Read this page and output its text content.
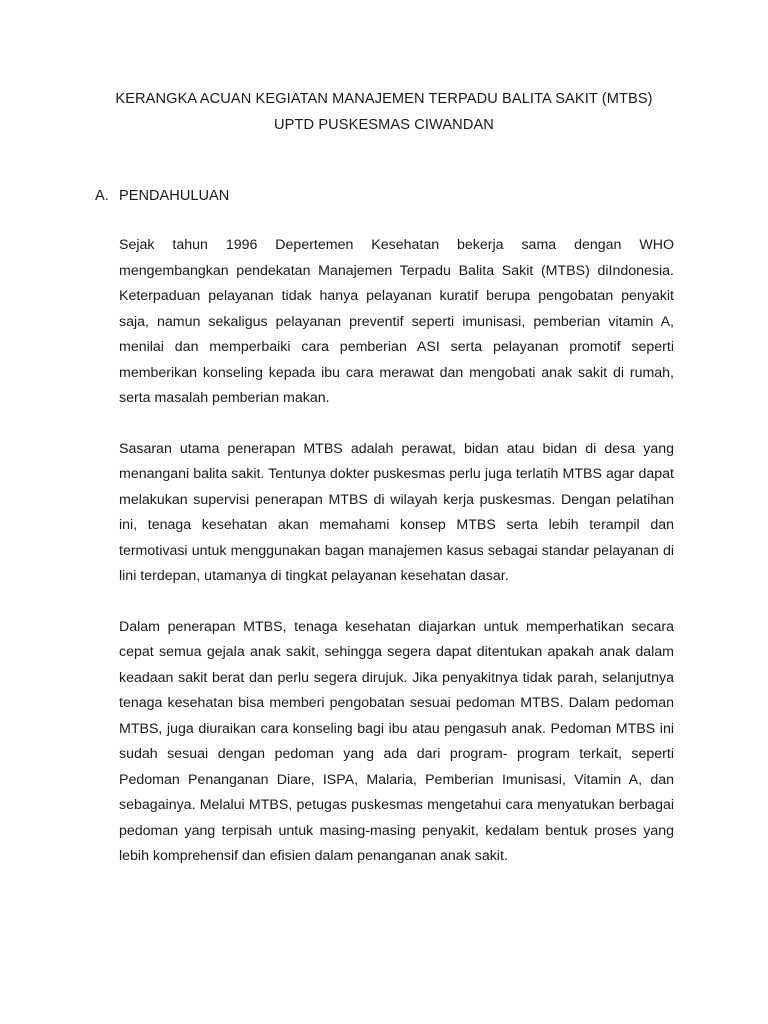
KERANGKA ACUAN KEGIATAN MANAJEMEN TERPADU BALITA SAKIT (MTBS)
UPTD PUSKESMAS CIWANDAN
A. PENDAHULUAN

Sejak tahun 1996 Depertemen Kesehatan bekerja sama dengan WHO mengembangkan pendekatan Manajemen Terpadu Balita Sakit (MTBS) diIndonesia. Keterpaduan pelayanan tidak hanya pelayanan kuratif berupa pengobatan penyakit saja, namun sekaligus pelayanan preventif seperti imunisasi, pemberian vitamin A, menilai dan memperbaiki cara pemberian ASI serta pelayanan promotif seperti memberikan konseling kepada ibu cara merawat dan mengobati anak sakit di rumah, serta masalah pemberian makan.

Sasaran utama penerapan MTBS adalah perawat, bidan atau bidan di desa yang menangani balita sakit. Tentunya dokter puskesmas perlu juga terlatih MTBS agar dapat melakukan supervisi penerapan MTBS di wilayah kerja puskesmas. Dengan pelatihan ini, tenaga kesehatan akan memahami konsep MTBS serta lebih terampil dan termotivasi untuk menggunakan bagan manajemen kasus sebagai standar pelayanan di lini terdepan, utamanya di tingkat pelayanan kesehatan dasar.

Dalam penerapan MTBS, tenaga kesehatan diajarkan untuk memperhatikan secara cepat semua gejala anak sakit, sehingga segera dapat ditentukan apakah anak dalam keadaan sakit berat dan perlu segera dirujuk. Jika penyakitnya tidak parah, selanjutnya tenaga kesehatan bisa memberi pengobatan sesuai pedoman MTBS. Dalam pedoman MTBS, juga diuraikan cara konseling bagi ibu atau pengasuh anak. Pedoman MTBS ini sudah sesuai dengan pedoman yang ada dari program- program terkait, seperti Pedoman Penanganan Diare, ISPA, Malaria, Pemberian Imunisasi, Vitamin A, dan sebagainya. Melalui MTBS, petugas puskesmas mengetahui cara menyatukan berbagai pedoman yang terpisah untuk masing-masing penyakit, kedalam bentuk proses yang lebih komprehensif dan efisien dalam penanganan anak sakit.
